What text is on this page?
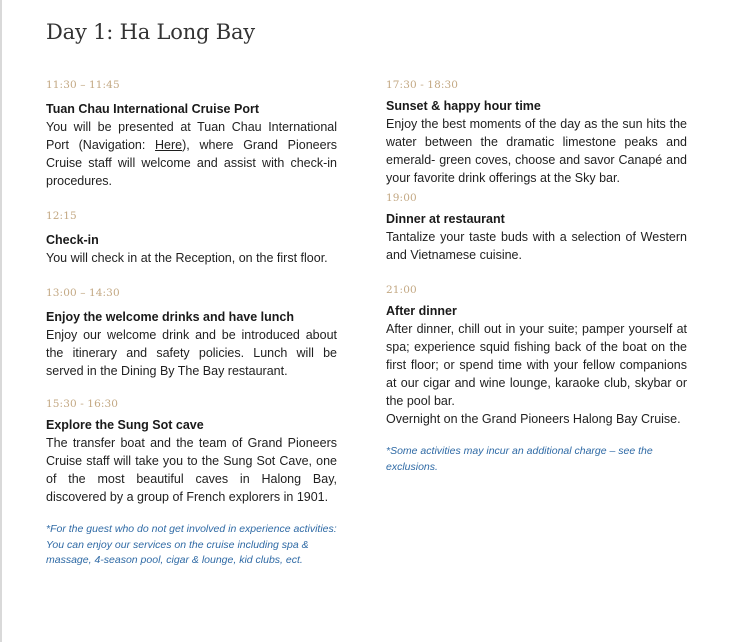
Day 1: Ha Long Bay

11:30 – 11:45

Tuan Chau International Cruise Port

You will be presented at Tuan Chau International Port (Navigation: Here), where Grand Pioneers Cruise staff will welcome and assist with check-in procedures.

12:15

Check-in

You will check in at the Reception, on the first floor.

13:00 – 14:30

Enjoy the welcome drinks and have lunch

Enjoy our welcome drink and be introduced about the itinerary and safety policies. Lunch will be served in the Dining By The Bay restaurant.

15:30 - 16:30

Explore the Sung Sot cave

The transfer boat and the team of Grand Pioneers Cruise staff will take you to the Sung Sot Cave, one of the most beautiful caves in Halong Bay, discovered by a group of French explorers in 1901.

*For the guest who do not get involved in experience activities:

You can enjoy our services on the cruise including spa & massage, 4-season pool, cigar & lounge, kid clubs, ect.

17:30 - 18:30

Sunset & happy hour time

Enjoy the best moments of the day as the sun hits the water between the dramatic limestone peaks and emerald- green coves, choose and savor Canapé and your favorite drink offerings at the Sky bar.

19:00

Dinner at restaurant

Tantalize your taste buds with a selection of Western and Vietnamese cuisine.

21:00

After dinner

After dinner, chill out in your suite; pamper yourself at spa; experience squid fishing back of the boat on the first floor; or spend time with your fellow companions at our cigar and wine lounge, karaoke club, skybar or the pool bar.

Overnight on the Grand Pioneers Halong Bay Cruise.

*Some activities may incur an additional charge – see the exclusions.
